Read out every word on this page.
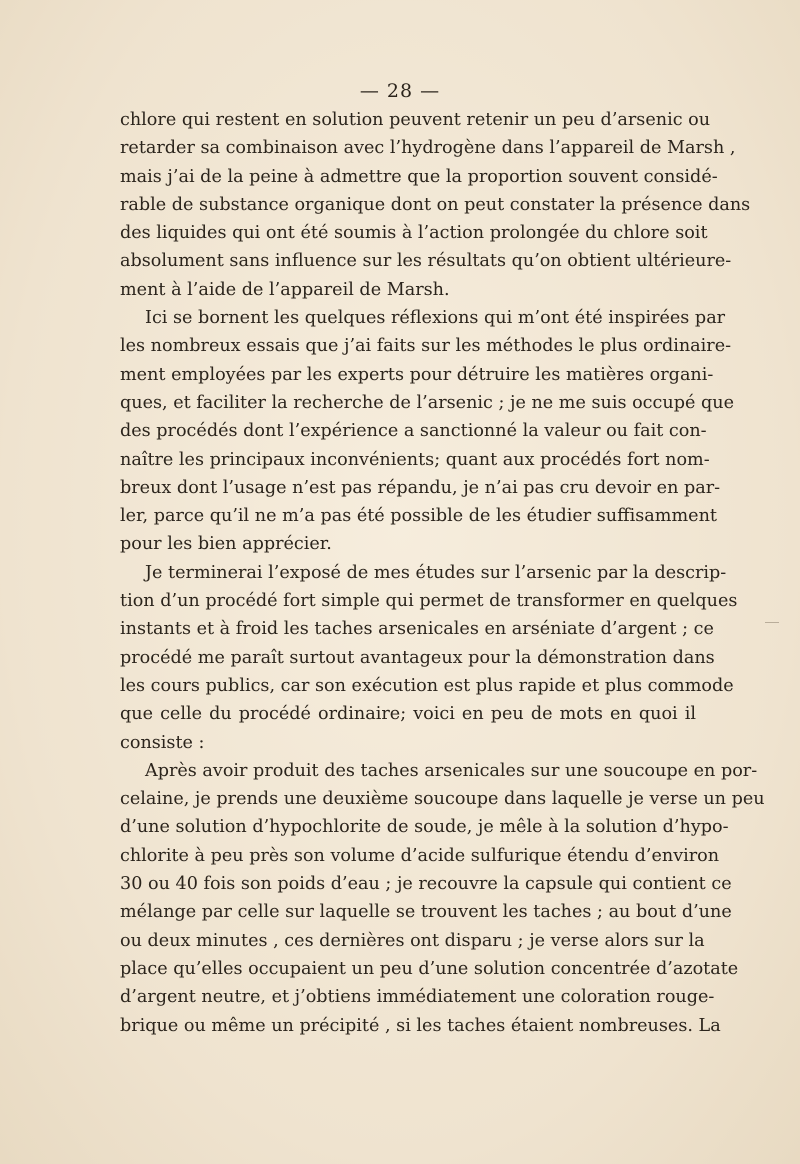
— 28 —
chlore qui restent en solution peuvent retenir un peu d’arsenic ou
retarder sa combinaison avec l’hydrogène dans l’appareil de Marsh ,
mais j’ai de la peine à admettre que la proportion souvent considé-
rable de substance organique dont on peut constater la présence dans
des liquides qui ont été soumis à l’action prolongée du chlore soit
absolument sans influence sur les résultats qu’on obtient ultérieure-
ment à l’aide de l’appareil de Marsh.
Ici se bornent les quelques réflexions qui m’ont été inspirées par
les nombreux essais que j’ai faits sur les méthodes le plus ordinaire-
ment employées par les experts pour détruire les matières organi-
ques, et faciliter la recherche de l’arsenic ; je ne me suis occupé que
des procédés dont l’expérience a sanctionné la valeur ou fait con-
naître les principaux inconvénients; quant aux procédés fort nom-
breux dont l’usage n’est pas répandu, je n’ai pas cru devoir en par-
ler, parce qu’il ne m’a pas été possible de les étudier suffisamment
pour les bien apprécier.
Je terminerai l’exposé de mes études sur l’arsenic par la descrip-
tion d’un procédé fort simple qui permet de transformer en quelques
instants et à froid les taches arsenicales en arséniate d’argent ; ce
procédé me paraît surtout avantageux pour la démonstration dans
les cours publics, car son exécution est plus rapide et plus commode
que celle du procédé ordinaire; voici en peu de mots en quoi il
consiste :
Après avoir produit des taches arsenicales sur une soucoupe en por-
celaine, je prends une deuxième soucoupe dans laquelle je verse un peu
d’une solution d’hypochlorite de soude, je mêle à la solution d’hypo-
chlorite à peu près son volume d’acide sulfurique étendu d’environ
30 ou 40 fois son poids d’eau ; je recouvre la capsule qui contient ce
mélange par celle sur laquelle se trouvent les taches ; au bout d’une
ou deux minutes , ces dernières ont disparu ; je verse alors sur la
place qu’elles occupaient un peu d’une solution concentrée d’azotate
d’argent neutre, et j’obtiens immédiatement une coloration rouge-
brique ou même un précipité , si les taches étaient nombreuses. La
